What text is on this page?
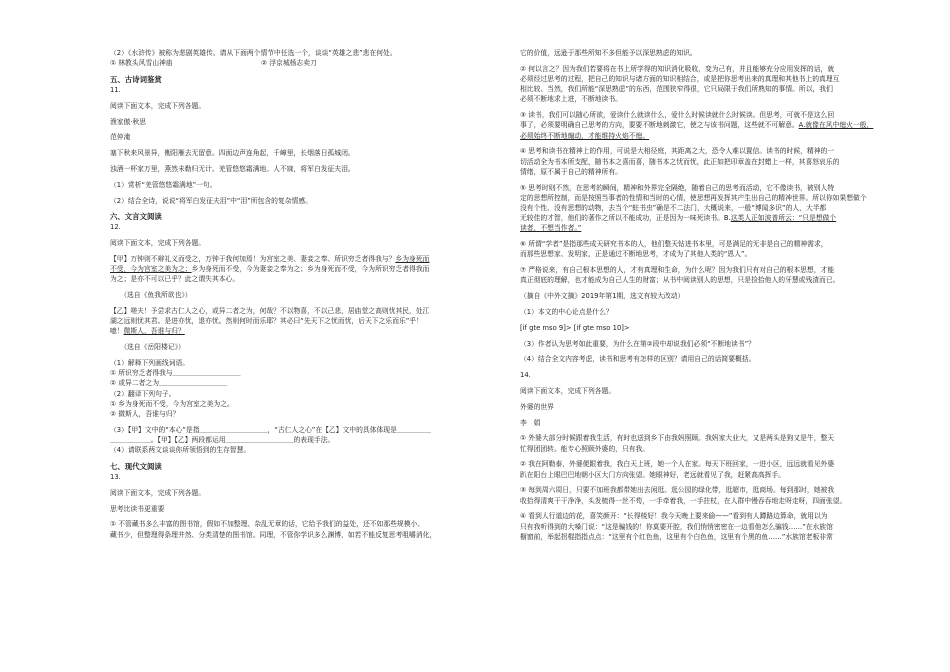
（2）《水浒传》被称为悲剧英雄传。请从下面两个情节中任选一个，谈谈“英雄之悲”悲在何处。
① 林教头风雪山神庙　　　　　　　　　　　　　② 浮京城杨志卖刀
五、古诗词鉴赏
11.
阅读下面文本，完成下列各题。
渔家傲·秋思
范仲淹
塞下秋来风景异，衡阳雁去无留意。四面边声连角起，千嶂里，长烟落日孤城闭。
浊酒一杯家万里，燕然未勒归无计。羌管悠悠霜满地。人不寐，将军白发征夫泪。
（1）赏析“羌管悠悠霜满地”一句。
（2）结合全诗，说说“将军白发征夫泪”中“泪”所包含的复杂情感。
六、文言文阅读
12.
阅读下面文本，完成下列各题。
【甲】万钟则不辩礼义而受之，万钟于我何加焉！为宫室之美、妻妾之奉、所识穷乏者得我与？乡为身死而
不受，今为宫室之美为之；乡为身死而不受，今为妻妾之奉为之；乡为身死而不受，今为所识穷乏者得我而
为之；是亦不可以已乎？此之谓失其本心。
　　（选自《鱼我所欲也》）
【乙】嗟夫！予尝求古仁人之心，或异二者之为，何哉？不以物喜，不以己悲，居庙堂之高则忧其民，处江
湖之远则忧其君。是进亦忧，退亦忧。然则何时而乐耶？其必曰“先天下之忧而忧，后天下之乐而乐”乎！
噫！微斯人，吾谁与归？
　　（选自《岳阳楼记》）
（1）解释下列画线词语。
① 所识穷乏者得我与＿＿＿＿＿＿＿＿＿＿
② 或异二者之为＿＿＿＿＿＿＿＿＿＿
（2）翻译下列句子。
① 乡为身死而不受，今为宫室之美为之。
② 微斯人，吾谁与归？
（3）【甲】文中的“本心”是指＿＿＿＿＿＿＿＿＿＿，“古仁人之心”在【乙】文中的具体体现是＿＿＿＿＿
＿＿＿＿＿＿。【甲】【乙】两段都运用＿＿＿＿＿＿＿＿＿＿的表现手法。
（4）请联系两文谈谈你所领悟到的生存智慧。
七、现代文阅读
13.
阅读下面文本，完成下列各题。
思考比读书更重要
① 不管藏书多么丰富的图书馆，假如不加整理、杂乱无章的话，它给予我们的益处，还不如那些规模小、
藏书少，但整理得条理井然、分类清楚的图书馆。同理，不管你学识多么渊博，如若不能反复思考咀嚼消化，
它的价值，远逊于那些所知不多但能予以深思熟虑的知识。
② 何以言之？因为我们若要将在书上所学得的知识消化吸收，变为己有，并且能够充分应用发挥的话，就
必须经过思考的过程，把自己的知识与诸方面的知识相结合，或是把你思考出来的真理和其他书上的真理互
相比较、当然，我们所能“深思熟虑”的东西，范围狭窄得很，它只局限于我们所熟知的事情。所以，我们
必须不断地求上进，不断地读书。
③ 读书，我们可以随心所欲，爱读什么就读什么，爱什么时候读就什么时候读。但思考，可就不是这么回
事了，必须要明确自己思考的方向，要要不断地刺激它，使之与该书问题，这些就不可解意。A.就像在风中熄火一般，
必须始终不断地煽动，才能维持火焰不熄。
④ 思考和读书在精神上的作用，可说是大相径庭，其距离之大，恐令人难以置信。读书的时候，精神的一
切活动全为书本所支配，随书本之喜而喜，随书本之忧而忧，此正如把印章盖在封蜡上一样，其喜怒哀乐的
情绪，原不属于自己的精神所有。
⑤ 思考时则不然，在思考的瞬间，精神和外界完全隔绝，随着自己的思考而活动，它不像读书，被别人特
定的思想所控制，而是按照当事者的性情和当时的心情，使思想再发挥其产生出自己的精神世界。所以你如果想做个
没有个性、没有思想的动物，去当个“蛀书虫”确是不二法门，大概说来，一般“博闻多识”的人，大半都
无较佳的才智，他们的著作之所以不能成功，正是因为一味死读书。B.这类人正如波普所云：“只是想做个
读者，不想当作者。”
⑥ 所谓“学者”是指那些成天研究书本的人，他们整天钻进书本里，可是满足的无非是自己的精神需求，
而那些思想家、发明家，正是通过不断地思考，才成为了其他人类的“恩人”。
⑦ 严格说来，有自己根本思想的人，才有真理和生命，为什么呢？因为我们只有对自己的根本思想，才能
真正彻底的理解，也才能成为自己人生的财富；从书中阅读别人的思想，只是捡拾他人的牙慧或残渣而已。
（摘自《中外文摘》2019年第1期，选文有较大改动）
（1）本文的中心论点是什么？
[if gte mso 9]> [if gte mso 10]>
（3）作者认为思考如此重要，为什么在第②段中却说我们必须“不断地读书”？
（4）结合全文内容考虑，读书和思考有怎样的区别？请用自己的话简要概括。
14.
阅读下面文本，完成下列各题。
外婆的世界
李　娟
① 外婆大部分时候跟着我生活，有时也送到乡下由我妈照顾。我妈家大业大，又是两头是狗又是牛，整天
忙得团团转。能专心照顾外婆的，只有我。
② 我在阿勒泰，外婆便跟着我，我白天上班，她一个人在家。每天下班回家，一进小区，远远就看见外婆
趴在阳台上眼巴巴地朝小区大门方向张望。她眼神好，老远就看见了我，赶紧高高挥手。
③ 每到周六周日，只要不加班我都带她出去闲逛。逛公园的绿化带，逛超市，逛商场。每到那时，她被我
收拾得清爽干干净净，头发梳得一丝不苟，一手牵着我，一手拄杖，在人群中慢吞吞地走呀走呀，四面张望。
④ 看到人行道边的花，喜笑颜开：“长得棱好！我今天晚上要来偷——”看到有人蹲路边算命，就用以为
只有我听得到的大嗓门说：“这是骗钱的！你莫要开腔，我们悄悄密密在一边看他怎么骗钱……”在水族馆
橱窗前，举起拐棍指指点点：“这里有个红色鱼，这里有个白色鱼，这里有个黑的鱼……”水族馆老板非常
